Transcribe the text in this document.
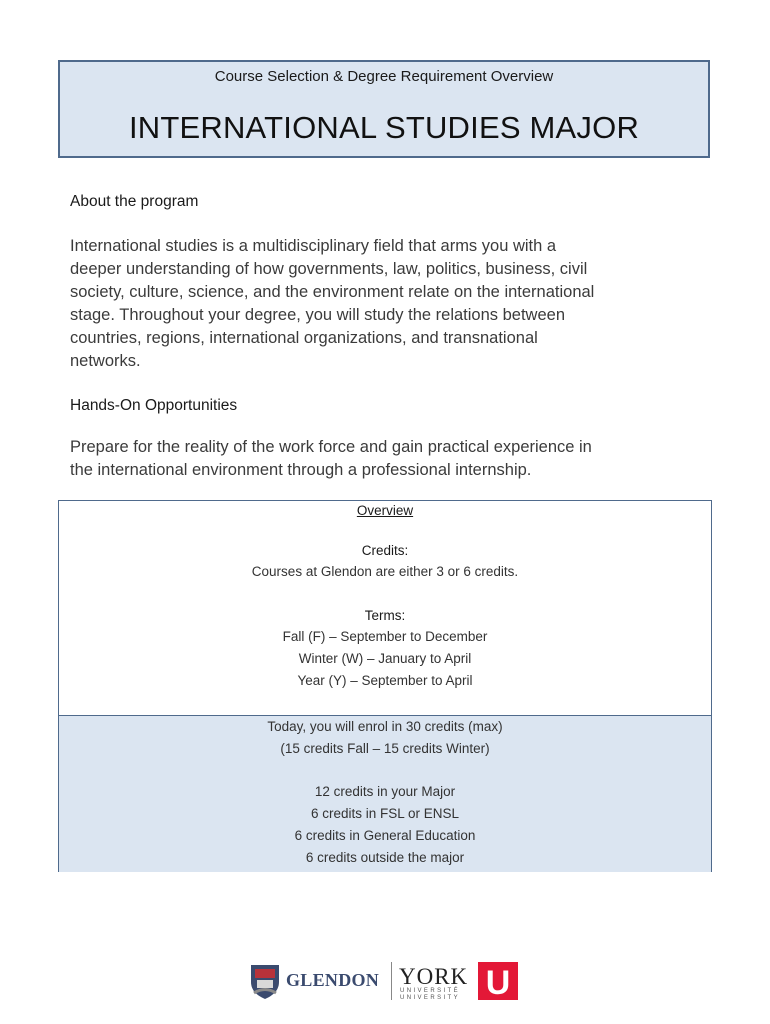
Course Selection & Degree Requirement Overview
INTERNATIONAL STUDIES MAJOR
About the program
International studies is a multidisciplinary field that arms you with a
deeper understanding of how governments, law, politics, business, civil
society, culture, science, and the environment relate on the international
stage. Throughout your degree, you will study the relations between
countries, regions, international organizations, and transnational
networks.
Hands-On Opportunities
Prepare for the reality of the work force and gain practical experience in
the international environment through a professional internship.
Overview
Credits:
Courses at Glendon are either 3 or 6 credits.
Terms:
Fall (F) – September to December
Winter (W) – January to April
Year (Y) – September to April
Today, you will enrol in 30 credits (max)
(15 credits Fall – 15 credits Winter)
12 credits in your Major
6 credits in FSL or ENSL
6 credits in General Education
6 credits outside the major
GLENDON YORK
UNIVERSITÉ
UNIVERSITY U
